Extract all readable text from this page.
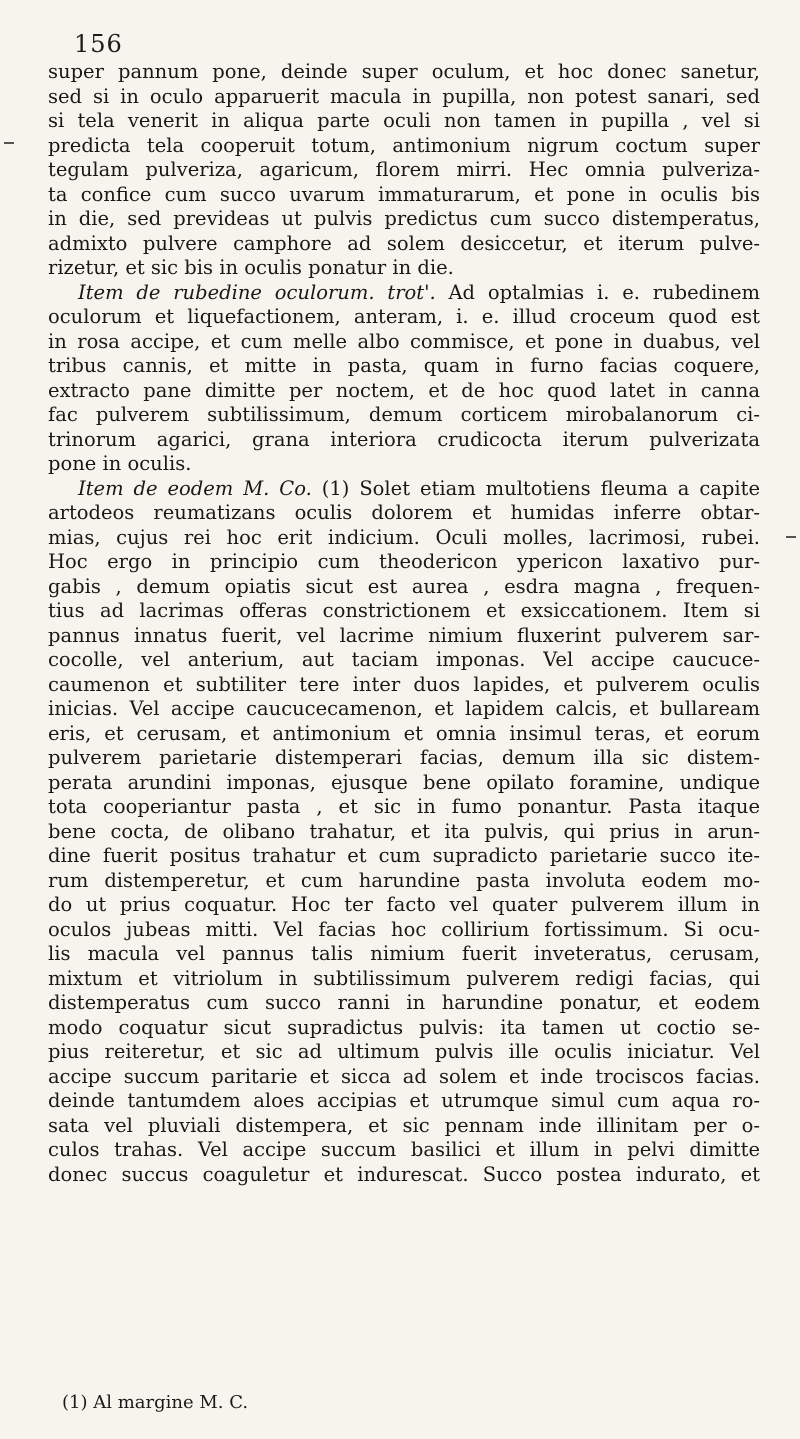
156
super pannum pone, deinde super oculum, et hoc donec sanetur,
sed si in oculo apparuerit macula in pupilla, non potest sanari, sed
si tela venerit in aliqua parte oculi non tamen in pupilla , vel si
predicta tela cooperuit totum, antimonium nigrum coctum super
tegulam pulveriza, agaricum, florem mirri. Hec omnia pulveriza-
ta confice cum succo uvarum immaturarum, et pone in oculis bis
in die, sed prevideas ut pulvis predictus cum succo distemperatus,
admixto pulvere camphore ad solem desiccetur, et iterum pulve-
rizetur, et sic bis in oculis ponatur in die.
Item de rubedine oculorum. trot'. Ad optalmias i. e. rubedinem
oculorum et liquefactionem, anteram, i. e. illud croceum quod est
in rosa accipe, et cum melle albo commisce, et pone in duabus, vel
tribus cannis, et mitte in pasta, quam in furno facias coquere,
extracto pane dimitte per noctem, et de hoc quod latet in canna
fac pulverem subtilissimum, demum corticem mirobalanorum ci-
trinorum agarici, grana interiora crudicocta iterum pulverizata
pone in oculis.
Item de eodem M. Co. (1) Solet etiam multotiens fleuma a capite
artodeos reumatizans oculis dolorem et humidas inferre obtar-
mias, cujus rei hoc erit indicium. Oculi molles, lacrimosi, rubei.
Hoc ergo in principio cum theodericon ypericon laxativo pur-
gabis , demum opiatis sicut est aurea , esdra magna , frequen-
tius ad lacrimas offeras constrictionem et exsiccationem. Item si
pannus innatus fuerit, vel lacrime nimium fluxerint pulverem sar-
cocolle, vel anterium, aut taciam imponas. Vel accipe caucuce-
caumenon et subtiliter tere inter duos lapides, et pulverem oculis
inicias. Vel accipe caucucecamenon, et lapidem calcis, et bullaream
eris, et cerusam, et antimonium et omnia insimul teras, et eorum
pulverem parietarie distemperari facias, demum illa sic distem-
perata arundini imponas, ejusque bene opilato foramine, undique
tota cooperiantur pasta , et sic in fumo ponantur. Pasta itaque
bene cocta, de olibano trahatur, et ita pulvis, qui prius in arun-
dine fuerit positus trahatur et cum supradicto parietarie succo ite-
rum distemperetur, et cum harundine pasta involuta eodem mo-
do ut prius coquatur. Hoc ter facto vel quater pulverem illum in
oculos jubeas mitti. Vel facias hoc collirium fortissimum. Si ocu-
lis macula vel pannus talis nimium fuerit inveteratus, cerusam,
mixtum et vitriolum in subtilissimum pulverem redigi facias, qui
distemperatus cum succo ranni in harundine ponatur, et eodem
modo coquatur sicut supradictus pulvis: ita tamen ut coctio se-
pius reiteretur, et sic ad ultimum pulvis ille oculis iniciatur. Vel
accipe succum paritarie et sicca ad solem et inde trociscos facias.
deinde tantumdem aloes accipias et utrumque simul cum aqua ro-
sata vel pluviali distempera, et sic pennam inde illinitam per o-
culos trahas. Vel accipe succum basilici et illum in pelvi dimitte
donec succus coaguletur et indurescat. Succo postea indurato, et
(1) Al margine M. C.
